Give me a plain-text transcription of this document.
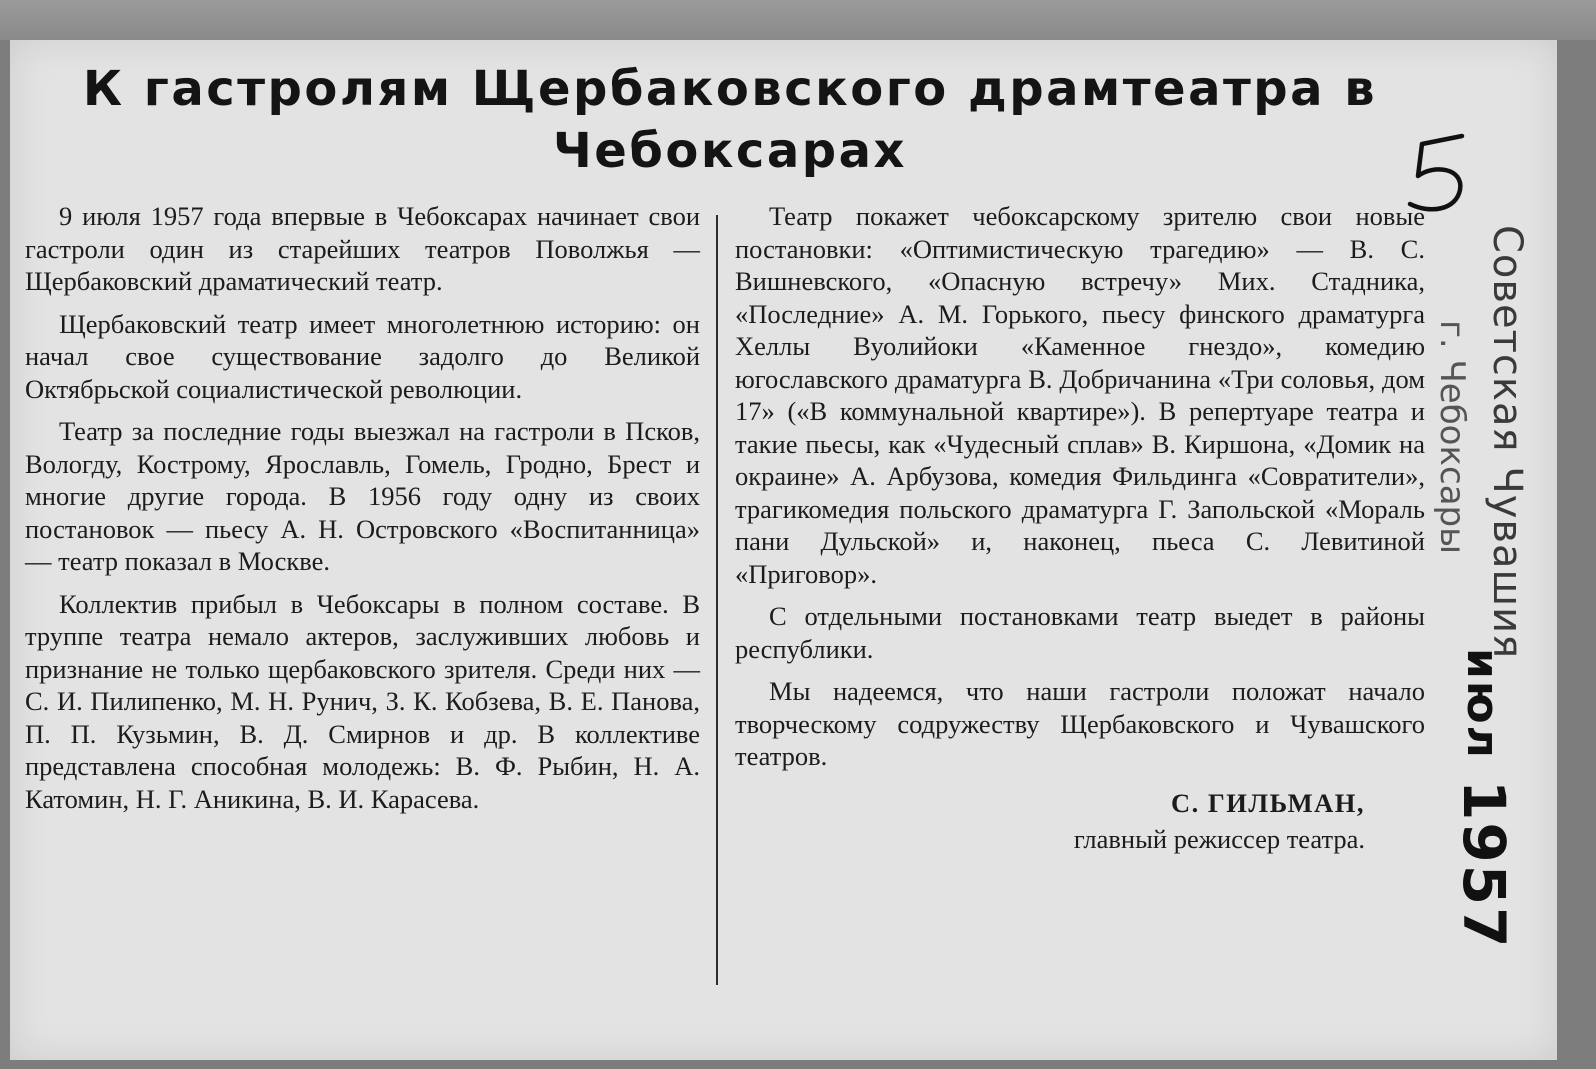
К гастролям Щербаковского драмтеатра в Чебоксарах

9 июля 1957 года впервые в Чебоксарах начинает свои гастроли один из старейших театров Поволжья — Щербаковский драматический театр.

Щербаковский театр имеет многолетнюю историю: он начал свое существование задолго до Великой Октябрьской социалистической революции.

Театр за последние годы выезжал на гастроли в Псков, Вологду, Кострому, Ярославль, Гомель, Гродно, Брест и многие другие города. В 1956 году одну из своих постановок — пьесу А. Н. Островского «Воспитанница» — театр показал в Москве.

Коллектив прибыл в Чебоксары в полном составе. В труппе театра немало актеров, заслуживших любовь и признание не только щербаковского зрителя. Среди них — С. И. Пилипенко, М. Н. Рунич, З. К. Кобзева, В. Е. Панова, П. П. Кузьмин, В. Д. Смирнов и др. В коллективе представлена способная молодежь: В. Ф. Рыбин, Н. А. Катомин, Н. Г. Аникина, В. И. Карасева.

Театр покажет чебоксарскому зрителю свои новые постановки: «Оптимистическую трагедию» — В. С. Вишневского, «Опасную встречу» Мих. Стадника, «Последние» А. М. Горького, пьесу финского драматурга Хеллы Вуолийоки «Каменное гнездо», комедию югославского драматурга В. Добричанина «Три соловья, дом 17» («В коммунальной квартире»). В репертуаре театра и такие пьесы, как «Чудесный сплав» В. Киршона, «Домик на окраине» А. Арбузова, комедия Фильдинга «Совратители», трагикомедия польского драматурга Г. Запольской «Мораль пани Дульской» и, наконец, пьеса С. Левитиной «Приговор».

С отдельными постановками театр выедет в районы республики.

Мы надеемся, что наши гастроли положат начало творческому содружеству Щербаковского и Чувашского театров.

С. ГИЛЬМАН,
главный режиссер театра.
Советская Чувашия
г. Чебоксары
июл
1957
